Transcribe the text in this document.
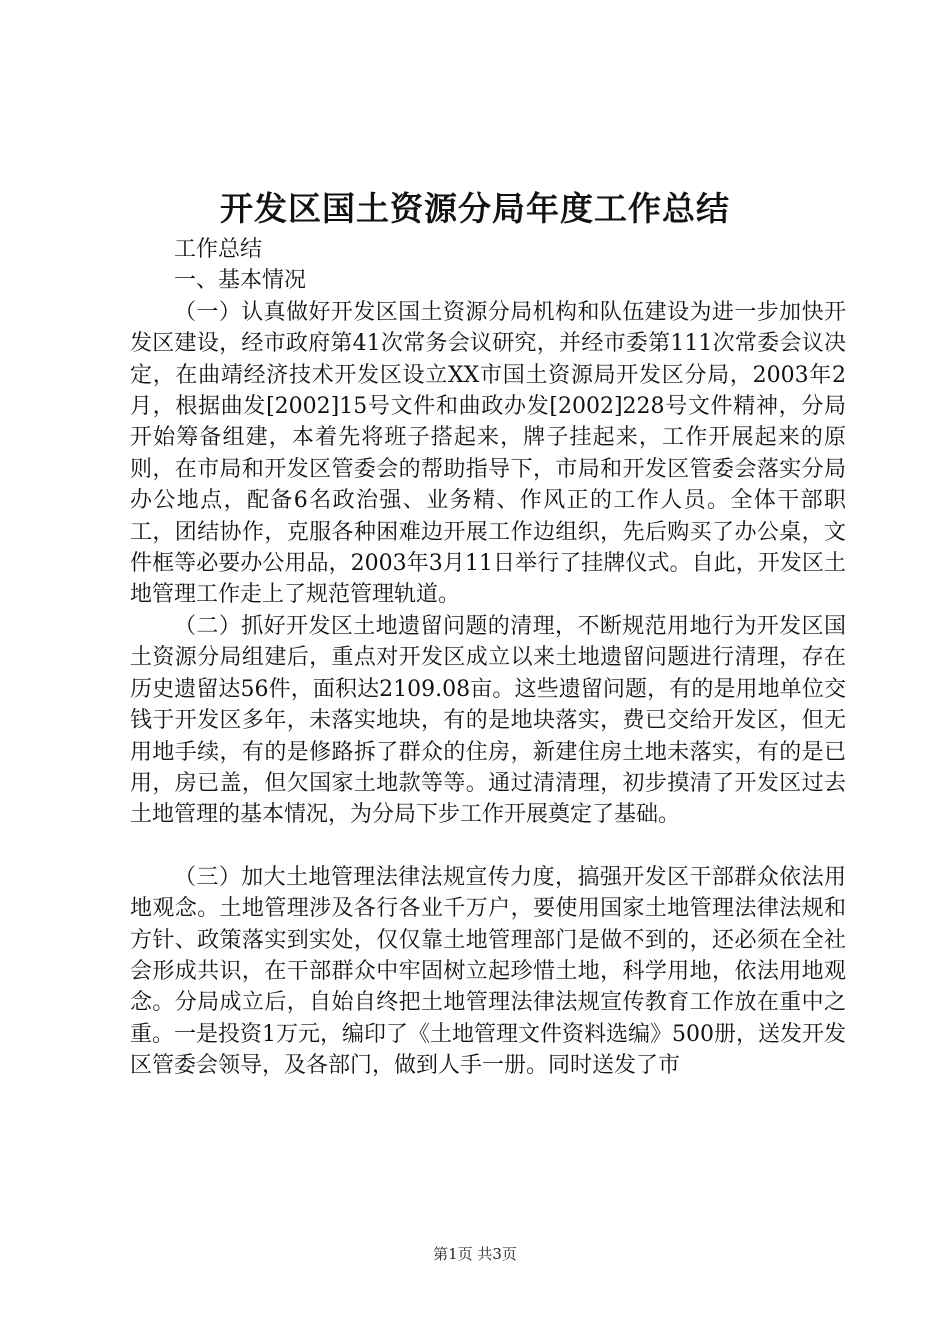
开发区国土资源分局年度工作总结

工作总结

一、基本情况

（一）认真做好开发区国土资源分局机构和队伍建设为进一步加快开发区建设，经市政府第41次常务会议研究，并经市委第111次常委会议决定，在曲靖经济技术开发区设立XX市国土资源局开发区分局，2003年2月，根据曲发[2002]15号文件和曲政办发[2002]228号文件精神，分局开始筹备组建，本着先将班子搭起来，牌子挂起来，工作开展起来的原则，在市局和开发区管委会的帮助指导下，市局和开发区管委会落实分局办公地点，配备6名政治强、业务精、作风正的工作人员。全体干部职工，团结协作，克服各种困难边开展工作边组织，先后购买了办公桌，文件框等必要办公用品，2003年3月11日举行了挂牌仪式。自此，开发区土地管理工作走上了规范管理轨道。

（二）抓好开发区土地遗留问题的清理，不断规范用地行为开发区国土资源分局组建后，重点对开发区成立以来土地遗留问题进行清理，存在历史遗留达56件，面积达2109.08亩。这些遗留问题，有的是用地单位交钱于开发区多年，未落实地块，有的是地块落实，费已交给开发区，但无用地手续，有的是修路拆了群众的住房，新建住房土地未落实，有的是已用，房已盖，但欠国家土地款等等。通过清清理，初步摸清了开发区过去土地管理的基本情况，为分局下步工作开展奠定了基础。

（三）加大土地管理法律法规宣传力度，搞强开发区干部群众依法用地观念。土地管理涉及各行各业千万户，要使用国家土地管理法律法规和方针、政策落实到实处，仅仅靠土地管理部门是做不到的，还必须在全社会形成共识，在干部群众中牢固树立起珍惜土地，科学用地，依法用地观念。分局成立后，自始自终把土地管理法律法规宣传教育工作放在重中之重。一是投资1万元，编印了《土地管理文件资料选编》500册，送发开发区管委会领导，及各部门，做到人手一册。同时送发了市

第1页 共3页
